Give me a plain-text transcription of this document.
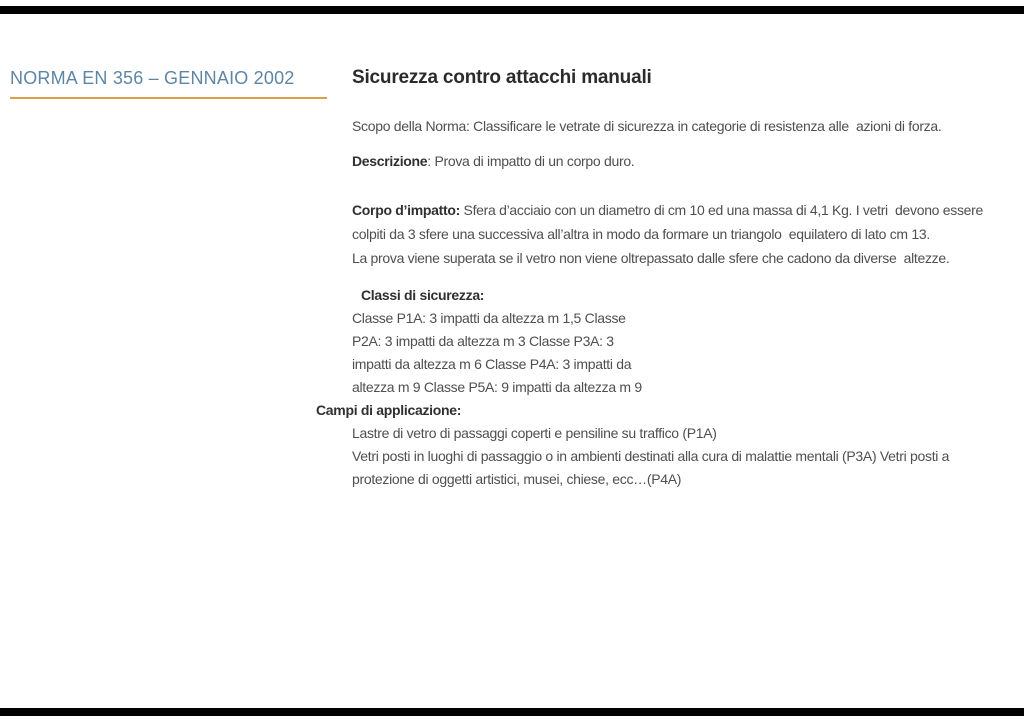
NORMA EN 356 – GENNAIO 2002	Sicurezza contro attacchi manuali
Scopo della Norma: Classificare le vetrate di sicurezza in categorie di resistenza alle  azioni di forza.
Descrizione: Prova di impatto di un corpo duro.
Corpo d’impatto: Sfera d’acciaio con un diametro di cm 10 ed una massa di 4,1 Kg. I vetri  devono essere
colpiti da 3 sfere una successiva all’altra in modo da formare un triangolo  equilatero di lato cm 13.
La prova viene superata se il vetro non viene oltrepassato dalle sfere che cadono da diverse  altezze.
Classi di sicurezza:
Classe P1A: 3 impatti da altezza m 1,5 Classe
P2A: 3 impatti da altezza m 3 Classe P3A: 3
impatti da altezza m 6 Classe P4A: 3 impatti da
altezza m 9 Classe P5A: 9 impatti da altezza m 9
Campi di applicazione:
Lastre di vetro di passaggi coperti e pensiline su traffico (P1A)
Vetri posti in luoghi di passaggio o in ambienti destinati alla cura di malattie mentali (P3A) Vetri posti a
protezione di oggetti artistici, musei, chiese, ecc…(P4A)
